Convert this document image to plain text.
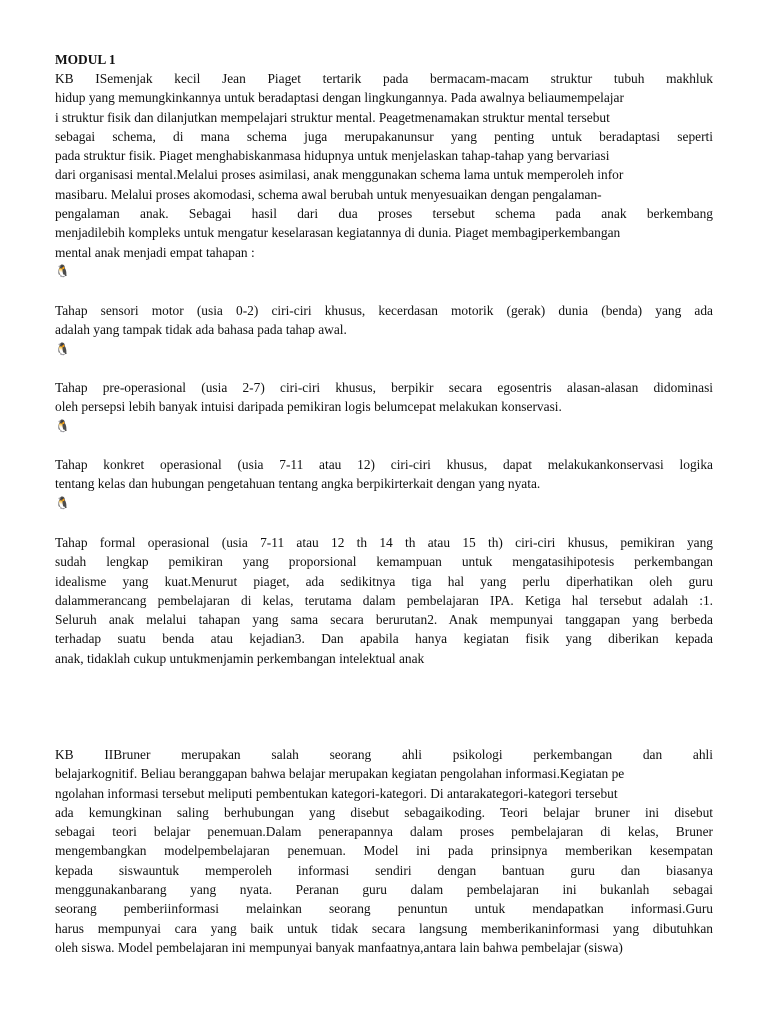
MODUL 1
KB ISemenjak kecil Jean Piaget tertarik pada bermacam-macam struktur tubuh makhluk
hidup yang memungkinkannya untuk beradaptasi dengan lingkungannya. Pada awalnya beliaumempelajar
i struktur fisik dan dilanjutkan mempelajari struktur mental. Peagetmenamakan struktur mental tersebut
sebagai schema, di mana schema juga merupakanunsur yang penting untuk beradaptasi seperti
pada struktur fisik. Piaget menghabiskanmasa hidupnya untuk menjelaskan tahap-tahap yang bervariasi
dari organisasi mental.Melalui proses asimilasi, anak menggunakan schema lama untuk memperoleh infor
masibaru. Melalui proses akomodasi, schema awal berubah untuk menyesuaikan dengan pengalaman-
pengalaman anak. Sebagai hasil dari dua proses tersebut schema pada anak berkembang
menjadilebih kompleks untuk mengatur keselarasan kegiatannya di dunia. Piaget membagiperkembangan
mental anak menjadi empat tahapan :
🐧
Tahap sensori motor (usia 0-2) ciri-ciri khusus, kecerdasan motorik (gerak) dunia (benda) yang ada
adalah yang tampak tidak ada bahasa pada tahap awal.
🐧
Tahap pre-operasional (usia 2-7) ciri-ciri khusus, berpikir secara egosentris alasan-alasan didominasi
oleh persepsi lebih banyak intuisi daripada pemikiran logis belumcepat melakukan konservasi.
🐧
Tahap konkret operasional (usia 7-11 atau 12) ciri-ciri khusus, dapat melakukankonservasi logika
tentang kelas dan hubungan pengetahuan tentang angka berpikirterkait dengan yang nyata.
🐧
Tahap formal operasional (usia 7-11 atau 12 th 14 th atau 15 th) ciri-ciri khusus, pemikiran yang
sudah lengkap pemikiran yang proporsional kemampuan untuk mengatasihipotesis perkembangan
idealisme yang kuat.Menurut piaget, ada sedikitnya tiga hal yang perlu diperhatikan oleh guru
dalammerancang pembelajaran di kelas, terutama dalam pembelajaran IPA. Ketiga hal tersebut adalah :1.
Seluruh anak melalui tahapan yang sama secara berurutan2. Anak mempunyai tanggapan yang berbeda
terhadap suatu benda atau kejadian3. Dan apabila hanya kegiatan fisik yang diberikan kepada
anak, tidaklah cukup untukmenjamin perkembangan intelektual anak
KB IIBruner merupakan salah seorang ahli psikologi perkembangan dan ahli
belajarkognitif. Beliau beranggapan bahwa belajar merupakan kegiatan pengolahan informasi.Kegiatan pe
ngolahan informasi tersebut meliputi pembentukan kategori-kategori. Di antarakategori-kategori tersebut
ada kemungkinan saling berhubungan yang disebut sebagaikoding. Teori belajar bruner ini disebut
sebagai teori belajar penemuan.Dalam penerapannya dalam proses pembelajaran di kelas, Bruner
mengembangkan modelpembelajaran penemuan. Model ini pada prinsipnya memberikan kesempatan
kepada siswauntuk memperoleh informasi sendiri dengan bantuan guru dan biasanya
menggunakanbarang yang nyata. Peranan guru dalam pembelajaran ini bukanlah sebagai
seorang pemberiinformasi melainkan seorang penuntun untuk mendapatkan informasi.Guru
harus mempunyai cara yang baik untuk tidak secara langsung memberikaninformasi yang dibutuhkan
oleh siswa. Model pembelajaran ini mempunyai banyak manfaatnya,antara lain bahwa pembelajar (siswa)
